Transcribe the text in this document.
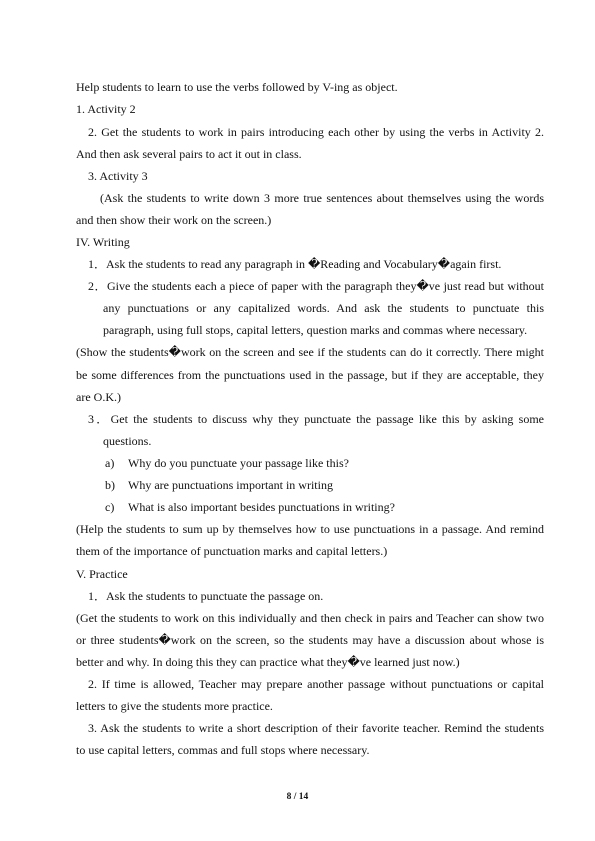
Help students to learn to use the verbs followed by V-ing as object.
1. Activity 2
2. Get the students to work in pairs introducing each other by using the verbs in Activity 2.
And then ask several pairs to act it out in class.
3. Activity 3
(Ask the students to write down 3 more true sentences about themselves using the words
and then show their work on the screen.)
IV. Writing
1．Ask the students to read any paragraph in �Reading and Vocabulary�again first.
2．Give the students each a piece of paper with the paragraph they�ve just read but without
any punctuations or any capitalized words. And ask the students to punctuate this
paragraph, using full stops, capital letters, question marks and commas where necessary.
(Show the students�work on the screen and see if the students can do it correctly. There might
be some differences from the punctuations used in the passage, but if they are acceptable, they
are O.K.)
3．Get the students to discuss why they punctuate the passage like this by asking some
questions.
a) Why do you punctuate your passage like this?
b) Why are punctuations important in writing
c) What is also important besides punctuations in writing?
(Help the students to sum up by themselves how to use punctuations in a passage. And remind
them of the importance of punctuation marks and capital letters.)
V. Practice
1．Ask the students to punctuate the passage on.
(Get the students to work on this individually and then check in pairs and Teacher can show two
or three students�work on the screen, so the students may have a discussion about whose is
better and why. In doing this they can practice what they�ve learned just now.)
2. If time is allowed, Teacher may prepare another passage without punctuations or capital
letters to give the students more practice.
3. Ask the students to write a short description of their favorite teacher. Remind the students
to use capital letters, commas and full stops where necessary.
8 / 14
